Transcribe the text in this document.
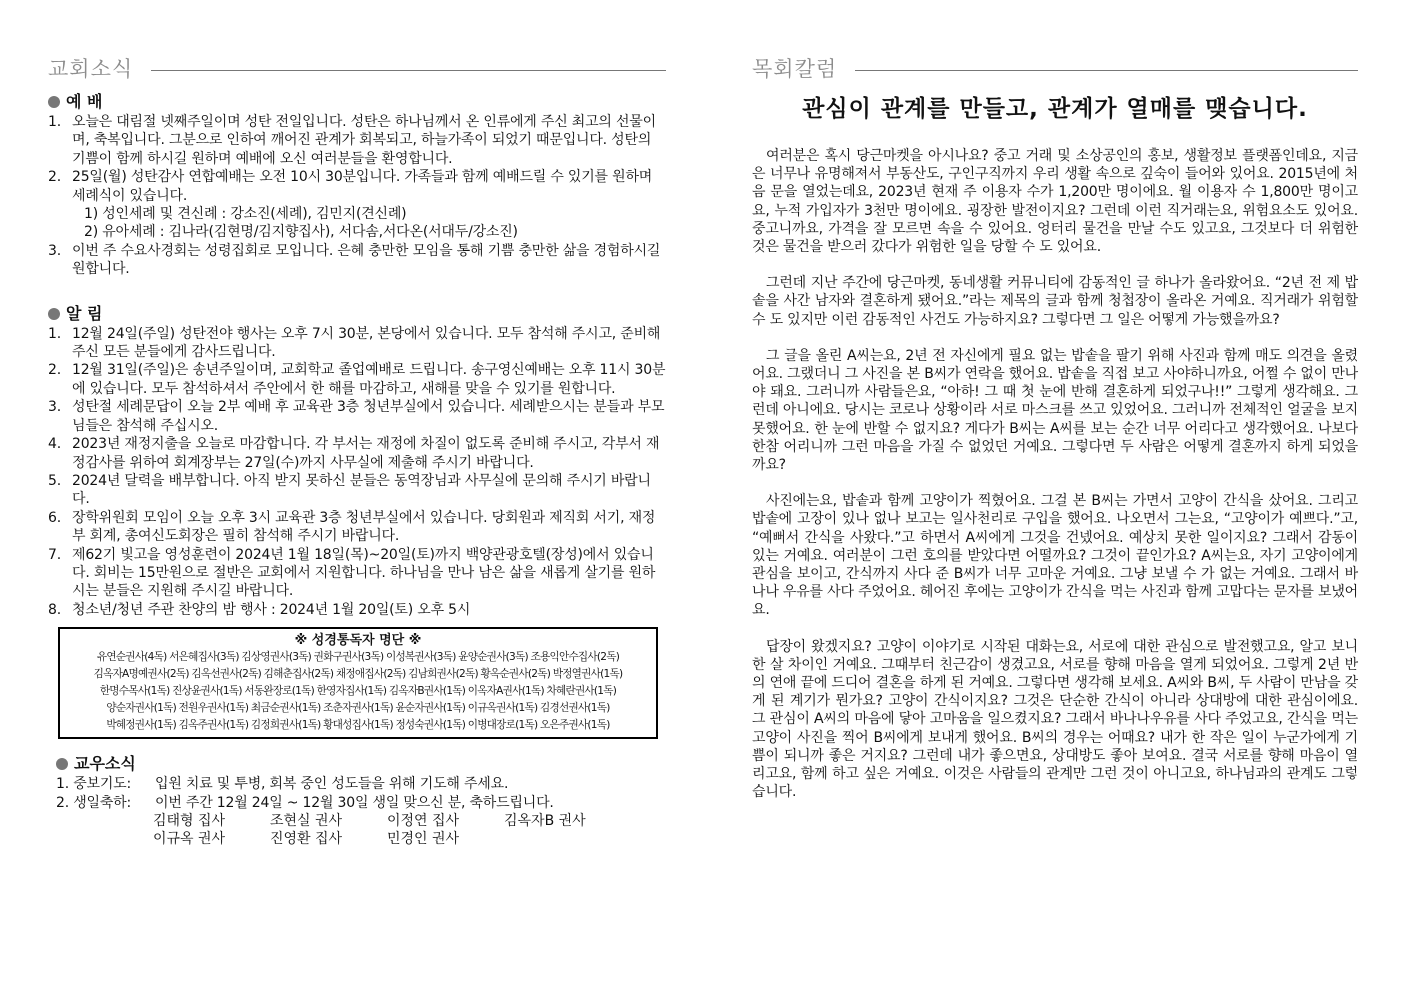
교회소식
예 배
1. 오늘은 대림절 넷째주일이며 성탄 전일입니다. 성탄은 하나님께서 온 인류에게 주신 최고의 선물이며, 축복입니다. 그분으로 인하여 깨어진 관계가 회복되고, 하늘가족이 되었기 때문입니다. 성탄의 기쁨이 함께 하시길 원하며 예배에 오신 여러분들을 환영합니다.
2. 25일(월) 성탄감사 연합예배는 오전 10시 30분입니다. 가족들과 함께 예배드릴 수 있기를 원하며 세례식이 있습니다.
1) 성인세례 및 견신례 : 강소진(세례), 김민지(견신례)
2) 유아세례 : 김나라(김현명/김지향집사), 서다솜,서다온(서대두/강소진)
3. 이번 주 수요사경회는 성령집회로 모입니다. 은혜 충만한 모임을 통해 기쁨 충만한 삶을 경험하시길 원합니다.
알 림
1. 12월 24일(주일) 성탄전야 행사는 오후 7시 30분, 본당에서 있습니다. 모두 참석해 주시고, 준비해 주신 모든 분들에게 감사드립니다.
2. 12월 31일(주일)은 송년주일이며, 교회학교 졸업예배로 드립니다. 송구영신예배는 오후 11시 30분에 있습니다. 모두 참석하셔서 주안에서 한 해를 마감하고, 새해를 맞을 수 있기를 원합니다.
3. 성탄절 세례문답이 오늘 2부 예배 후 교육관 3층 청년부실에서 있습니다. 세례받으시는 분들과 부모님들은 참석해 주십시오.
4. 2023년 재정지출을 오늘로 마감합니다. 각 부서는 재정에 차질이 없도록 준비해 주시고, 각부서 재정감사를 위하여 회계장부는 27일(수)까지 사무실에 제출해 주시기 바랍니다.
5. 2024년 달력을 배부합니다. 아직 받지 못하신 분들은 동역장님과 사무실에 문의해 주시기 바랍니다.
6. 장학위원회 모임이 오늘 오후 3시 교육관 3층 청년부실에서 있습니다. 당회원과 제직회 서기, 재정부 회계, 총여신도회장은 필히 참석해 주시기 바랍니다.
7. 제62기 빛고을 영성훈련이 2024년 1월 18일(목)~20일(토)까지 백양관광호텔(장성)에서 있습니다. 회비는 15만원으로 절반은 교회에서 지원합니다. 하나님을 만나 남은 삶을 새롭게 살기를 원하시는 분들은 지원해 주시길 바랍니다.
8. 청소년/청년 주관 찬양의 밤 행사 : 2024년 1월 20일(토) 오후 5시
※ 성경통독자 명단 ※
유연순권사(4독) 서은혜집사(3독) 김상영권사(3독) 권화구권사(3독) 이성복권사(3독) 윤양순권사(3독) 조용익안수집사(2독)
김옥자A명예권사(2독) 김옥선권사(2독) 김해춘집사(2독) 채정애집사(2독) 김남희권사(2독) 황옥순권사(2독) 박정열권사(1독)
한명수목사(1독) 진상윤권사(1독) 서동완장로(1독) 한영자집사(1독) 김옥자B권사(1독) 이옥자A권사(1독) 차혜란권사(1독)
양순자권사(1독) 전원우권사(1독) 최금순권사(1독) 조춘자권사(1독) 윤순자권사(1독) 이규옥권사(1독) 김경선권사(1독)
박혜정권사(1독) 김옥주권사(1독) 김정희권사(1독) 황대성집사(1독) 정성숙권사(1독) 이병대장로(1독) 오은주권사(1독)
교우소식
1. 중보기도:	입원 치료 및 투병, 회복 중인 성도들을 위해 기도해 주세요.
2. 생일축하:	이번 주간 12월 24일 ~ 12월 30일 생일 맞으신 분, 축하드립니다.
김태형 집사	조현실 권사	이정연 집사	김옥자B 권사
이규옥 권사	진영환 집사	민경인 권사
목회칼럼
관심이 관계를 만들고, 관계가 열매를 맺습니다.

여러분은 혹시 당근마켓을 아시나요? 중고 거래 및 소상공인의 홍보, 생활정보 플랫폼인데요, 지금은 너무나 유명해져서 부동산도, 구인구직까지 우리 생활 속으로 깊숙이 들어와 있어요. 2015년에 처음 문을 열었는데요, 2023년 현재 주 이용자 수가 1,200만 명이에요. 월 이용자 수 1,800만 명이고요, 누적 가입자가 3천만 명이에요. 굉장한 발전이지요? 그런데 이런 직거래는요, 위험요소도 있어요. 중고니까요, 가격을 잘 모르면 속을 수 있어요. 엉터리 물건을 만날 수도 있고요, 그것보다 더 위험한 것은 물건을 받으러 갔다가 위험한 일을 당할 수 도 있어요.

그런데 지난 주간에 당근마켓, 동네생활 커뮤니티에 감동적인 글 하나가 올라왔어요. “2년 전 제 밥솥을 사간 남자와 결혼하게 됐어요.”라는 제목의 글과 함께 청첩장이 올라온 거예요. 직거래가 위험할 수 도 있지만 이런 감동적인 사건도 가능하지요? 그렇다면 그 일은 어떻게 가능했을까요?

그 글을 올린 A씨는요, 2년 전 자신에게 필요 없는 밥솥을 팔기 위해 사진과 함께 매도 의견을 올렸어요. 그랬더니 그 사진을 본 B씨가 연락을 했어요. 밥솥을 직접 보고 사야하니까요, 어쩔 수 없이 만나야 돼요. 그러니까 사람들은요, “아하! 그 때 첫 눈에 반해 결혼하게 되었구나!!” 그렇게 생각해요. 그런데 아니에요. 당시는 코로나 상황이라 서로 마스크를 쓰고 있었어요. 그러니까 전체적인 얼굴을 보지 못했어요. 한 눈에 반할 수 없지요? 게다가 B씨는 A씨를 보는 순간 너무 어리다고 생각했어요. 나보다 한참 어리니까 그런 마음을 가질 수 없었던 거예요. 그렇다면 두 사람은 어떻게 결혼까지 하게 되었을까요?

사진에는요, 밥솥과 함께 고양이가 찍혔어요. 그걸 본 B씨는 가면서 고양이 간식을 샀어요. 그리고 밥솥에 고장이 있나 없나 보고는 일사천리로 구입을 했어요. 나오면서 그는요, “고양이가 예쁘다.”고, “예뻐서 간식을 사왔다.”고 하면서 A씨에게 그것을 건넸어요. 예상치 못한 일이지요? 그래서 감동이 있는 거예요. 여러분이 그런 호의를 받았다면 어떨까요? 그것이 끝인가요? A씨는요, 자기 고양이에게 관심을 보이고, 간식까지 사다 준 B씨가 너무 고마운 거예요. 그냥 보낼 수 가 없는 거예요. 그래서 바나나 우유를 사다 주었어요. 헤어진 후에는 고양이가 간식을 먹는 사진과 함께 고맙다는 문자를 보냈어요.

답장이 왔겠지요? 고양이 이야기로 시작된 대화는요, 서로에 대한 관심으로 발전했고요, 알고 보니 한 살 차이인 거예요. 그때부터 친근감이 생겼고요, 서로를 향해 마음을 열게 되었어요. 그렇게 2년 반의 연애 끝에 드디어 결혼을 하게 된 거예요. 그렇다면 생각해 보세요. A씨와 B씨, 두 사람이 만남을 갖게 된 계기가 뭔가요? 고양이 간식이지요? 그것은 단순한 간식이 아니라 상대방에 대한 관심이에요. 그 관심이 A씨의 마음에 닿아 고마움을 일으켰지요? 그래서 바나나우유를 사다 주었고요, 간식을 먹는 고양이 사진을 찍어 B씨에게 보내게 했어요. B씨의 경우는 어때요? 내가 한 작은 일이 누군가에게 기쁨이 되니까 좋은 거지요? 그런데 내가 좋으면요, 상대방도 좋아 보여요. 결국 서로를 향해 마음이 열리고요, 함께 하고 싶은 거예요. 이것은 사람들의 관계만 그런 것이 아니고요, 하나님과의 관계도 그렇습니다.
